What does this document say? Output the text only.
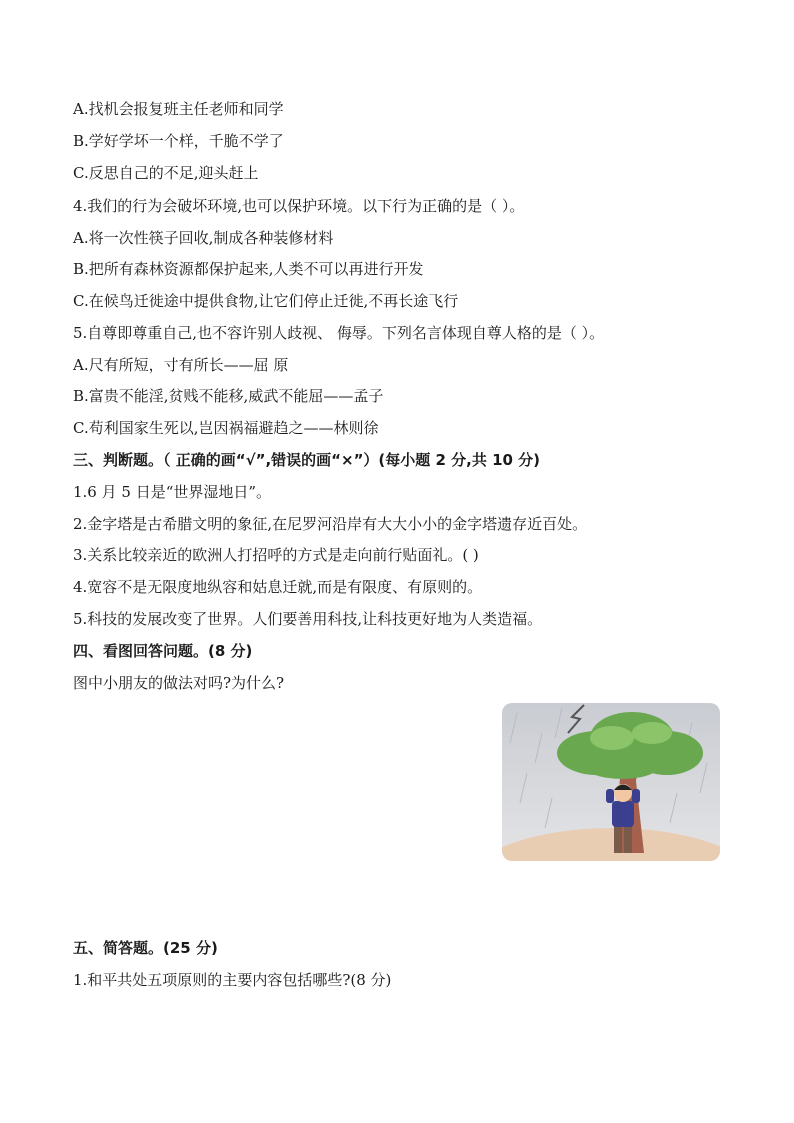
A.找机会报复班主任老师和同学
B.学好学坏一个样，千脆不学了
C.反思自己的不足,迎头赶上
4.我们的行为会破坏环境,也可以保护环境。以下行为正确的是（ ）。
A.将一次性筷子回收,制成各种装修材料
B.把所有森林资源都保护起来,人类不可以再进行开发
C.在候鸟迁徙途中提供食物,让它们停止迁徙,不再长途飞行
5.自尊即尊重自己,也不容许别人歧视、 侮辱。下列名言体现自尊人格的是（ ）。
A.尺有所短，寸有所长——屈 原
B.富贵不能淫,贫贱不能移,威武不能屈——孟子
C.苟利国家生死以,岂因祸福避趋之——林则徐
三、判断题。（ 正确的画“√”,错误的画“×”）(每小题 2 分,共 10 分)
1.6 月 5 日是“世界湿地日”。
2.金字塔是古希腊文明的象征,在尼罗河沿岸有大大小小的金字塔遗存近百处。
3.关系比较亲近的欧洲人打招呼的方式是走向前行贴面礼。( )
4.宽容不是无限度地纵容和姑息迁就,而是有限度、有原则的。
5.科技的发展改变了世界。人们要善用科技,让科技更好地为人类造福。
四、看图回答问题。(8 分)
图中小朋友的做法对吗?为什么?
五、简答题。(25 分)
1.和平共处五项原则的主要内容包括哪些?(8 分)
